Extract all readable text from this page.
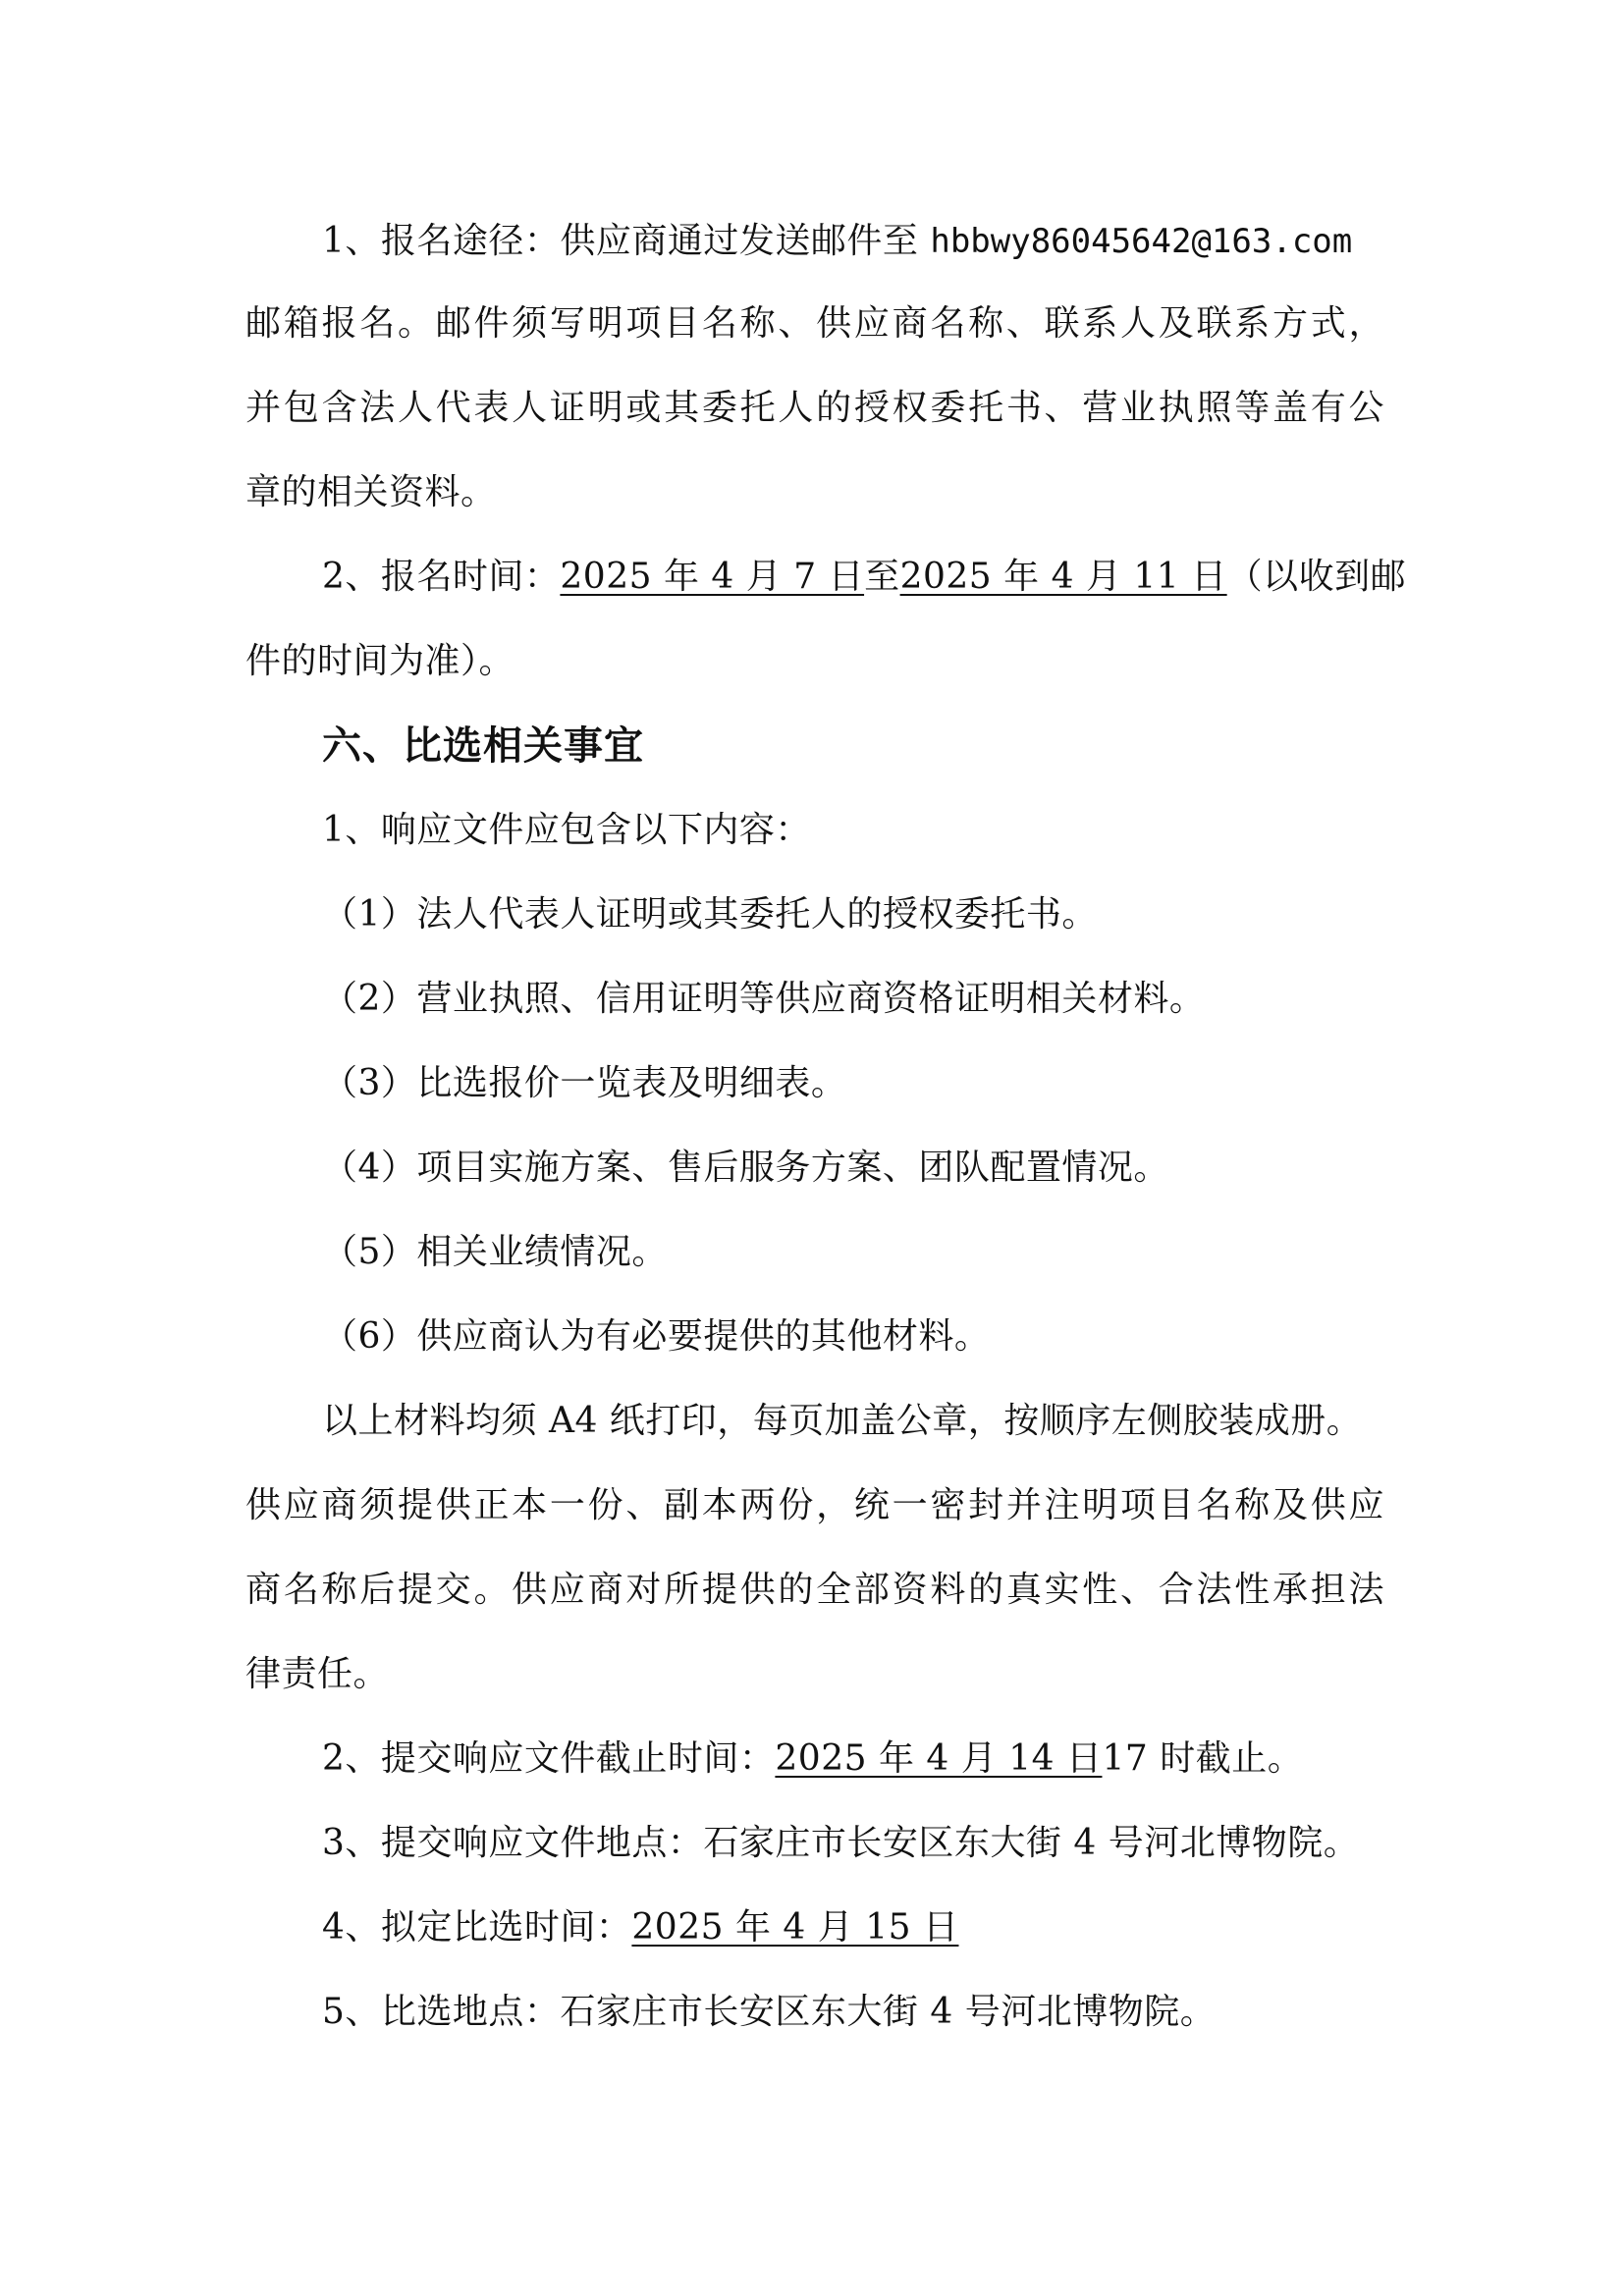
1、报名途径：供应商通过发送邮件至 hbbwy86045642@163.com
邮箱报名。邮件须写明项目名称、供应商名称、联系人及联系方式，
并包含法人代表人证明或其委托人的授权委托书、营业执照等盖有公
章的相关资料。
2、报名时间：2025 年 4 月 7 日至2025 年 4 月 11 日（以收到邮
件的时间为准）。
六、比选相关事宜
1、响应文件应包含以下内容：
（1）法人代表人证明或其委托人的授权委托书。
（2）营业执照、信用证明等供应商资格证明相关材料。
（3）比选报价一览表及明细表。
（4）项目实施方案、售后服务方案、团队配置情况。
（5）相关业绩情况。
（6）供应商认为有必要提供的其他材料。
以上材料均须 A4 纸打印，每页加盖公章，按顺序左侧胶装成册。
供应商须提供正本一份、副本两份，统一密封并注明项目名称及供应
商名称后提交。供应商对所提供的全部资料的真实性、合法性承担法
律责任。
2、提交响应文件截止时间：2025 年 4 月 14 日17 时截止。
3、提交响应文件地点：石家庄市长安区东大街 4 号河北博物院。
4、拟定比选时间：2025 年 4 月 15 日
5、比选地点：石家庄市长安区东大街 4 号河北博物院。
